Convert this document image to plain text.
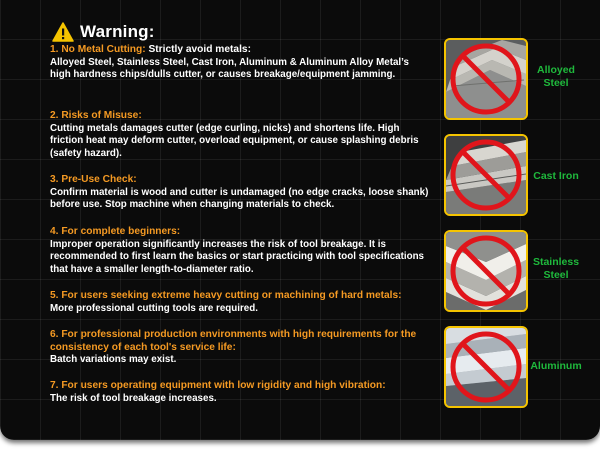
Warning:
1. No Metal Cutting: Strictly avoid metals:
Alloyed Steel, Stainless Steel, Cast Iron, Aluminum & Aluminum Alloy Metal’s high hardness chips/dulls cutter, or causes breakage/equipment jamming.
2. Risks of Misuse:
Cutting metals damages cutter (edge curling, nicks) and shortens life. High friction heat may deform cutter, overload equipment, or cause splashing debris (safety hazard).
3. Pre-Use Check:
Confirm material is wood and cutter is undamaged (no edge cracks, loose shank) before use. Stop machine when changing materials to check.
4. For complete beginners:
Improper operation significantly increases the risk of tool breakage. It is recommended to first learn the basics or start practicing with tool specifications that have a smaller length-to-diameter ratio.
5. For users seeking extreme heavy cutting or machining of hard metals:
More professional cutting tools are required.
6. For professional production environments with high requirements for the consistency of each tool's service life:
Batch variations may exist.
7. For users operating equipment with low rigidity and high vibration:
The risk of tool breakage increases.
Alloyed Steel
Cast Iron
Stainless Steel
Aluminum
